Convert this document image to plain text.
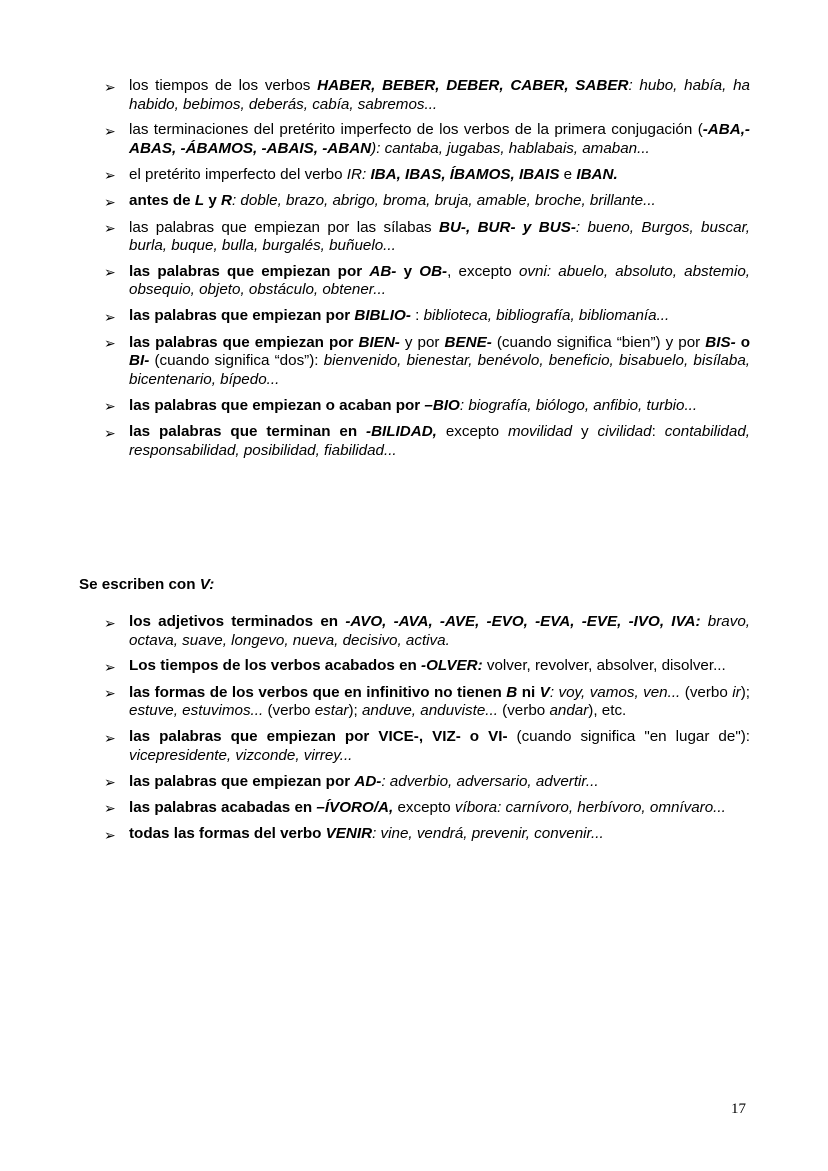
➢ los tiempos de los verbos HABER, BEBER, DEBER, CABER, SABER: hubo, había, ha habido, bebimos, deberás, cabía, sabremos...
➢ las terminaciones del pretérito imperfecto de los verbos de la primera conjugación (-ABA,-ABAS, -ÁBAMOS, -ABAIS, -ABAN): cantaba, jugabas, hablabais, amaban...
➢ el pretérito imperfecto del verbo IR: IBA, IBAS, ÍBAMOS, IBAIS e IBAN.
➢ antes de L y R: doble, brazo, abrigo, broma, bruja, amable, broche, brillante...
➢ las palabras que empiezan por las sílabas BU-, BUR- y BUS-: bueno, Burgos, buscar, burla, buque, bulla, burgalés, buñuelo...
➢ las palabras que empiezan por AB- y OB-, excepto ovni: abuelo, absoluto, abstemio, obsequio, objeto, obstáculo, obtener...
➢ las palabras que empiezan por BIBLIO- : biblioteca, bibliografía, bibliomanía...
➢ las palabras que empiezan por BIEN- y por BENE- (cuando significa “bien”) y por BIS- o BI- (cuando significa “dos”): bienvenido, bienestar, benévolo, beneficio, bisabuelo, bisílaba, bicentenario, bípedo...
➢ las palabras que empiezan o acaban por –BIO: biografía, biólogo, anfibio, turbio...
➢ las palabras que terminan en -BILIDAD, excepto movilidad y civilidad: contabilidad, responsabilidad, posibilidad, fiabilidad...

Se escriben con V:

➢ los adjetivos terminados en -AVO, -AVA, -AVE, -EVO, -EVA, -EVE, -IVO, IVA: bravo, octava, suave, longevo, nueva, decisivo, activa.
➢ Los tiempos de los verbos acabados en -OLVER: volver, revolver, absolver, disolver...
➢ las formas de los verbos que en infinitivo no tienen B ni V: voy, vamos, ven... (verbo ir); estuve, estuvimos... (verbo estar); anduve, anduviste... (verbo andar), etc.
➢ las palabras que empiezan por VICE-, VIZ- o VI- (cuando significa "en lugar de"): vicepresidente, vizconde, virrey...
➢ las palabras que empiezan por AD-: adverbio, adversario, advertir...
➢ las palabras acabadas en –ÍVORO/A, excepto víbora: carnívoro, herbívoro, omnívaro...
➢ todas las formas del verbo VENIR: vine, vendrá, prevenir, convenir...
17
